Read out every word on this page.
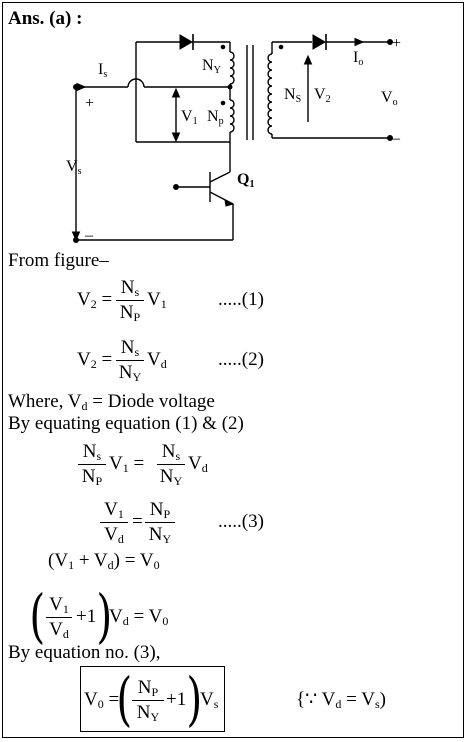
Ans. (a) :
Is
+
NY
V1 Np
NS V2
Io
+
Vo
–
Vs
–
Q1
From figure–
$V_2$ =
$N_s$
$N_P$
$V_1$	.....(1)
$V_2$ =
$N_s$
$N_Y$
$V_d$	.....(2)
Where, $V_d$ = Diode voltage
By equating equation (1) & (2)
$N_s$
$N_P$
$V_1$ =
$N_s$
$N_Y$
$V_d$
$V_1$
$V_d$
=
$N_P$
$N_Y$
.....(3)
$(V_1 + V_d) = V_0$
( $V_1$
$V_d$
+1 )
$V_d = V_0$
By equation no. (3),
$V_0$ =
( $N_P$
$N_Y$
+1 )
$V_s$	{∵ $V_d = V_s$)
